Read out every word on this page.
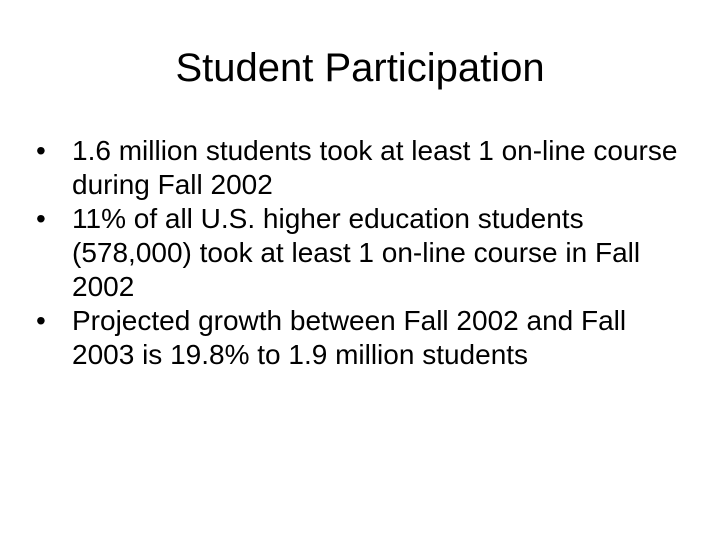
Student Participation
• 1.6 million students took at least 1 on-line course during Fall 2002
• 11% of all U.S. higher education students (578,000) took at least 1 on-line course in Fall 2002
• Projected growth between Fall 2002 and Fall 2003 is 19.8% to 1.9 million students
